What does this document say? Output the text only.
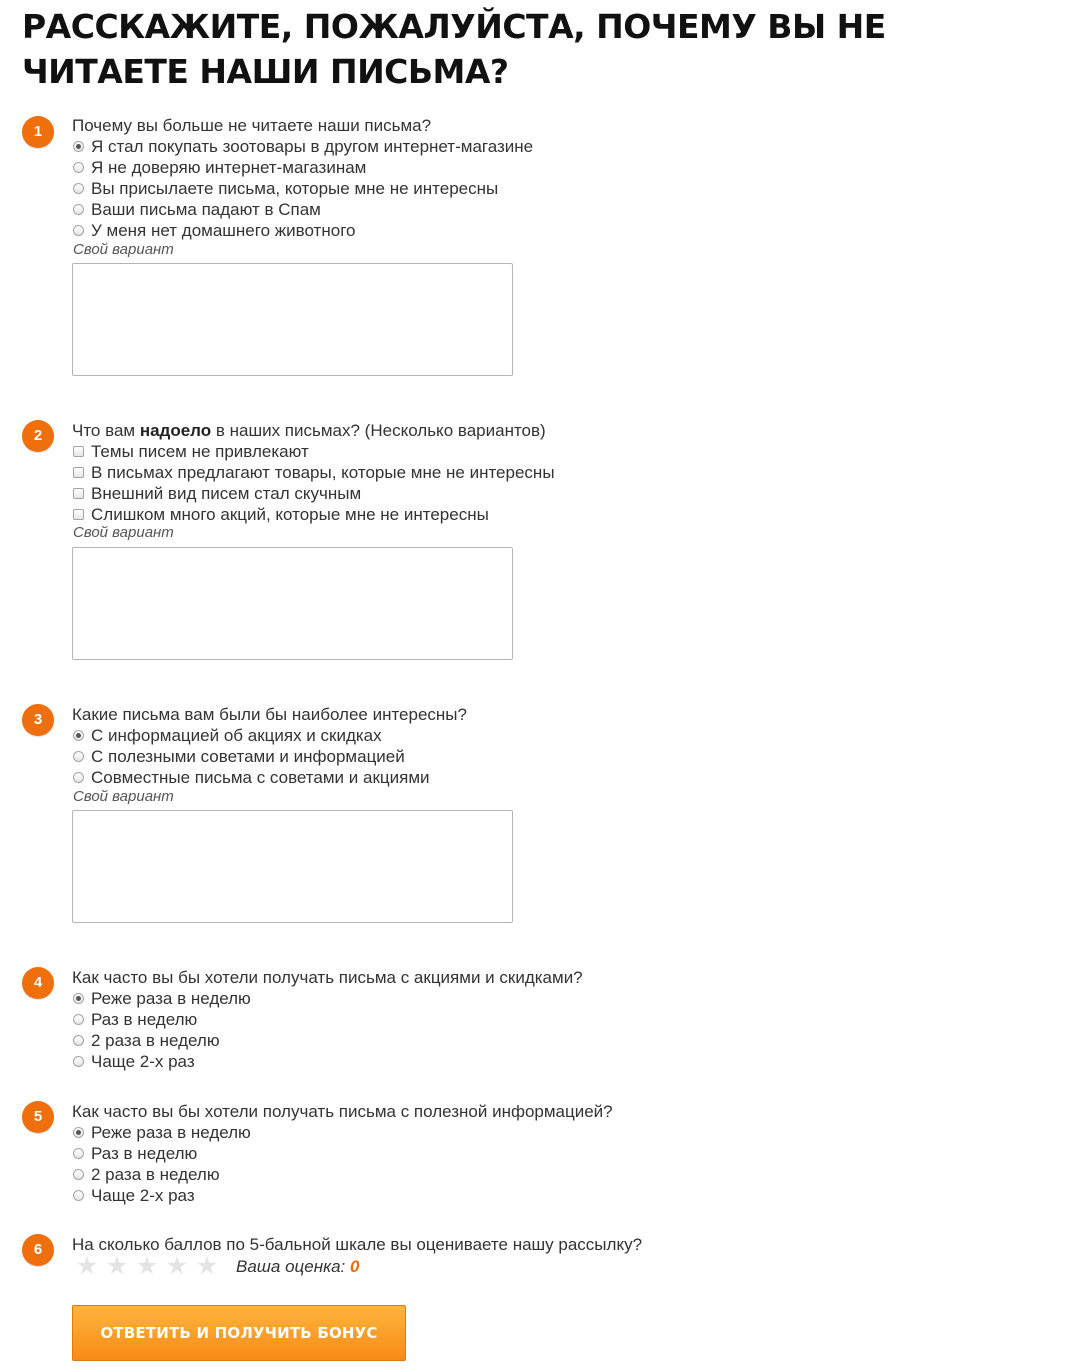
РАССКАЖИТЕ, ПОЖАЛУЙСТА, ПОЧЕМУ ВЫ НЕ ЧИТАЕТЕ НАШИ ПИСЬМА?
1	Почему вы больше не читаете наши письма?
Я стал покупать зоотовары в другом интернет-магазине
Я не доверяю интернет-магазинам
Вы присылаете письма, которые мне не интересны
Ваши письма падают в Спам
У меня нет домашнего животного
Свой вариант
2	Что вам надоело в наших письмах? (Несколько вариантов)
Темы писем не привлекают
В письмах предлагают товары, которые мне не интересны
Внешний вид писем стал скучным
Слишком много акций, которые мне не интересны
Свой вариант
3	Какие письма вам были бы наиболее интересны?
С информацией об акциях и скидках
С полезными советами и информацией
Совместные письма с советами и акциями
Свой вариант
4	Как часто вы бы хотели получать письма с акциями и скидками?
Реже раза в неделю
Раз в неделю
2 раза в неделю
Чаще 2-х раз
5	Как часто вы бы хотели получать письма с полезной информацией?
Реже раза в неделю
Раз в неделю
2 раза в неделю
Чаще 2-х раз
6	На сколько баллов по 5-бальной шкале вы оцениваете нашу рассылку?
★ ★ ★ ★ ★ Ваша оценка: 0
ОТВЕТИТЬ И ПОЛУЧИТЬ БОНУС
